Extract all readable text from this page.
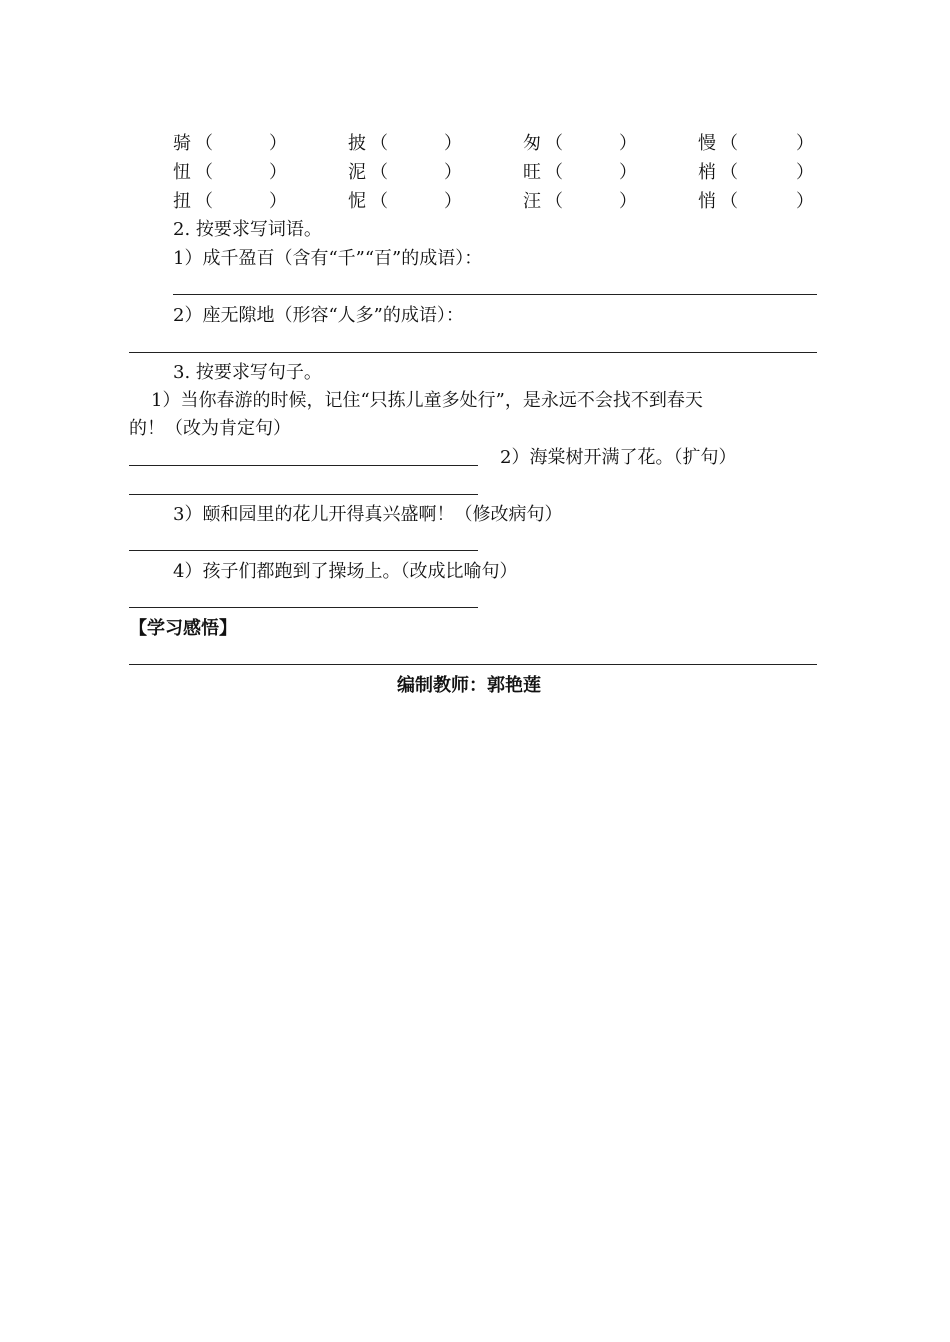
骑 （	）	披 （	）	匆 （	）	慢 （	）
忸 （	）	泥 （	）	旺 （	）	梢 （	）
扭 （	）	怩 （	）	汪 （	）	悄 （	）
2. 按要求写词语。
1）成千盈百（含有“千”“百”的成语）：
2）座无隙地（形容“人多”的成语）：
3. 按要求写句子。
1）当你春游的时候，记住“只拣儿童多处行”，是永远不会找不到春天
的！（改为肯定句）
2）海棠树开满了花。（扩句）
3）颐和园里的花儿开得真兴盛啊！（修改病句）
4）孩子们都跑到了操场上。（改成比喻句）
【学习感悟】
编制教师：郭艳莲
